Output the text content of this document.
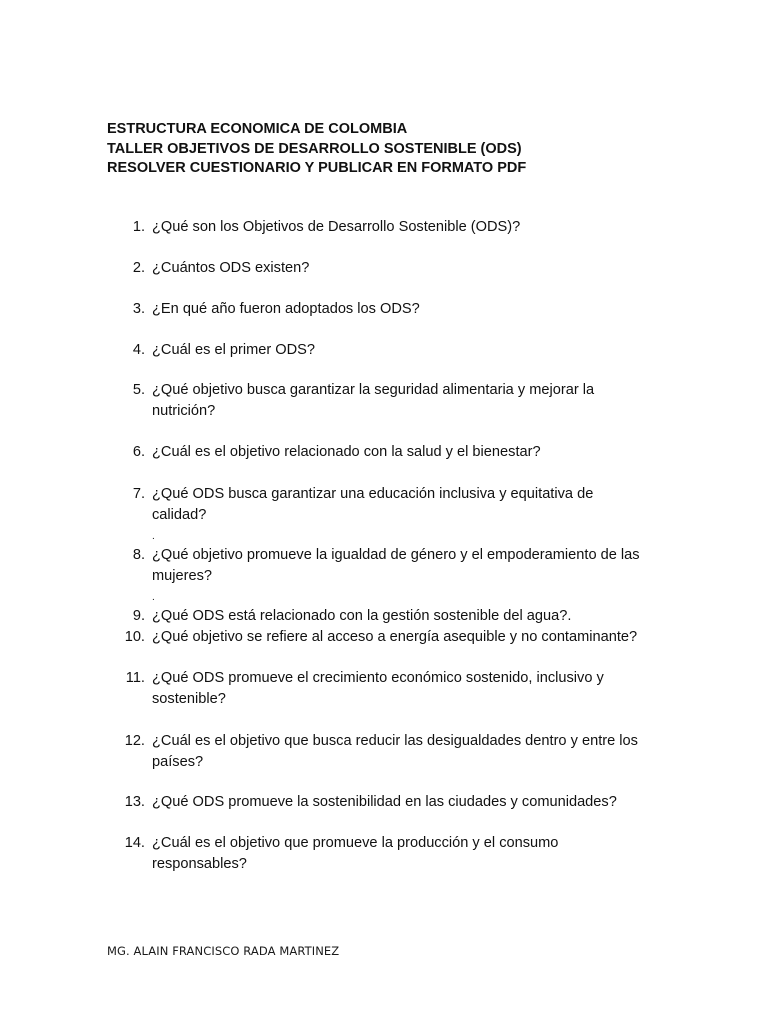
ESTRUCTURA ECONOMICA DE COLOMBIA
TALLER OBJETIVOS DE DESARROLLO SOSTENIBLE (ODS)
RESOLVER CUESTIONARIO Y PUBLICAR EN FORMATO PDF
1. ¿Qué son los Objetivos de Desarrollo Sostenible (ODS)?
2. ¿Cuántos ODS existen?
3. ¿En qué año fueron adoptados los ODS?
4. ¿Cuál es el primer ODS?
5. ¿Qué objetivo busca garantizar la seguridad alimentaria y mejorar la nutrición?
6. ¿Cuál es el objetivo relacionado con la salud y el bienestar?
7. ¿Qué ODS busca garantizar una educación inclusiva y equitativa de calidad?
.
8. ¿Qué objetivo promueve la igualdad de género y el empoderamiento de las mujeres?
.
9. ¿Qué ODS está relacionado con la gestión sostenible del agua?.
10. ¿Qué objetivo se refiere al acceso a energía asequible y no contaminante?
11. ¿Qué ODS promueve el crecimiento económico sostenido, inclusivo y sostenible?
12. ¿Cuál es el objetivo que busca reducir las desigualdades dentro y entre los países?
13. ¿Qué ODS promueve la sostenibilidad en las ciudades y comunidades?
14. ¿Cuál es el objetivo que promueve la producción y el consumo responsables?
MG. ALAIN FRANCISCO RADA MARTINEZ
